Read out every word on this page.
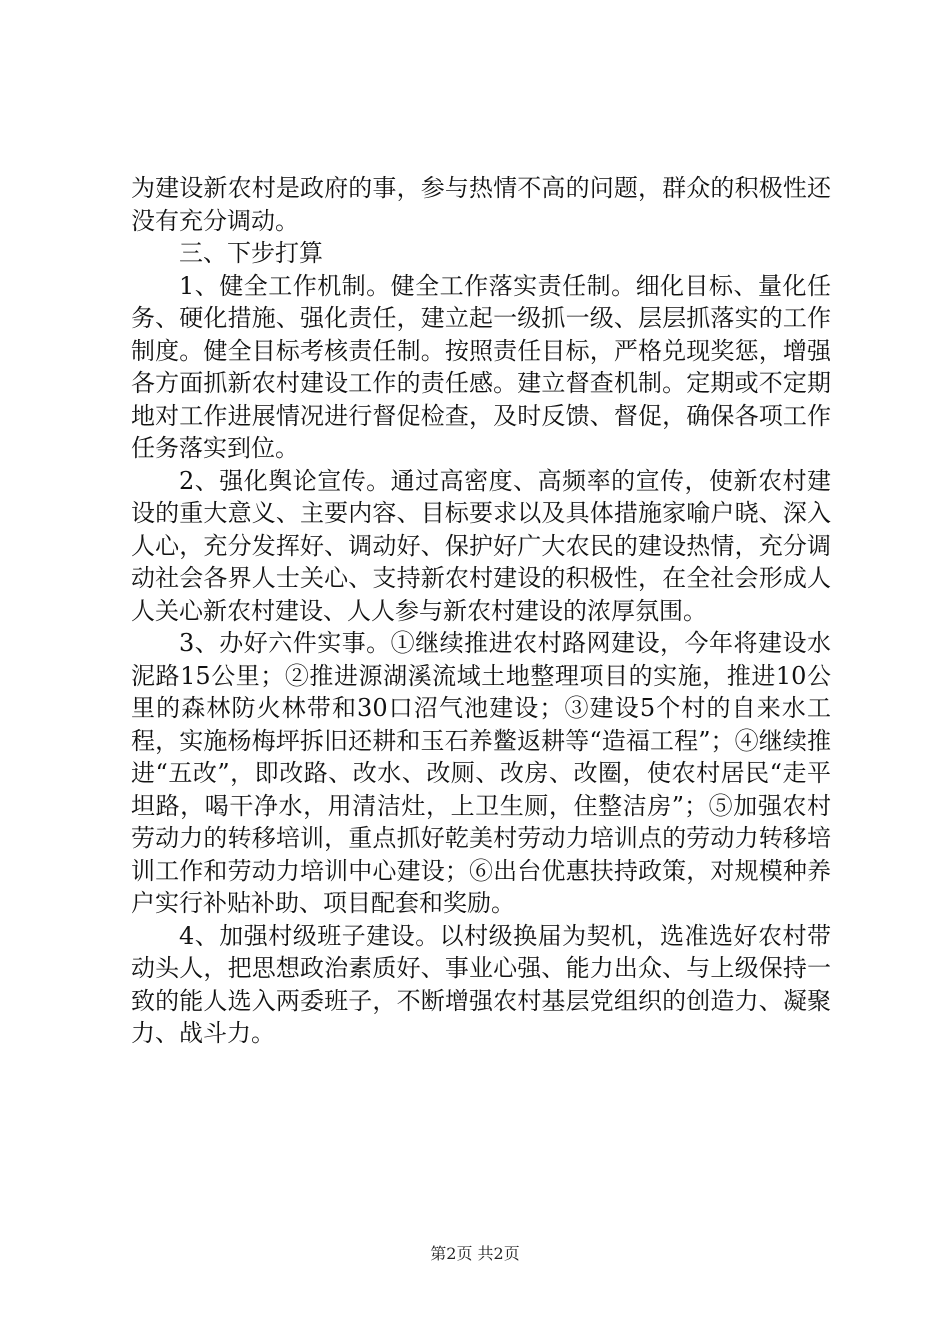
为建设新农村是政府的事，参与热情不高的问题，群众的积极性还没有充分调动。

三、下步打算

1、健全工作机制。健全工作落实责任制。细化目标、量化任务、硬化措施、强化责任，建立起一级抓一级、层层抓落实的工作制度。健全目标考核责任制。按照责任目标，严格兑现奖惩，增强各方面抓新农村建设工作的责任感。建立督查机制。定期或不定期地对工作进展情况进行督促检查，及时反馈、督促，确保各项工作任务落实到位。

2、强化舆论宣传。通过高密度、高频率的宣传，使新农村建设的重大意义、主要内容、目标要求以及具体措施家喻户晓、深入人心，充分发挥好、调动好、保护好广大农民的建设热情，充分调动社会各界人士关心、支持新农村建设的积极性，在全社会形成人人关心新农村建设、人人参与新农村建设的浓厚氛围。

3、办好六件实事。①继续推进农村路网建设，今年将建设水泥路15公里；②推进源湖溪流域土地整理项目的实施，推进10公里的森林防火林带和30口沼气池建设；③建设5个村的自来水工程，实施杨梅坪拆旧还耕和玉石养鳖返耕等“造福工程”；④继续推进“五改”，即改路、改水、改厕、改房、改圈，使农村居民“走平坦路，喝干净水，用清洁灶，上卫生厕，住整洁房”；⑤加强农村劳动力的转移培训，重点抓好乾美村劳动力培训点的劳动力转移培训工作和劳动力培训中心建设；⑥出台优惠扶持政策，对规模种养户实行补贴补助、项目配套和奖励。

4、加强村级班子建设。以村级换届为契机，选准选好农村带动头人，把思想政治素质好、事业心强、能力出众、与上级保持一致的能人选入两委班子，不断增强农村基层党组织的创造力、凝聚力、战斗力。

第2页 共2页
